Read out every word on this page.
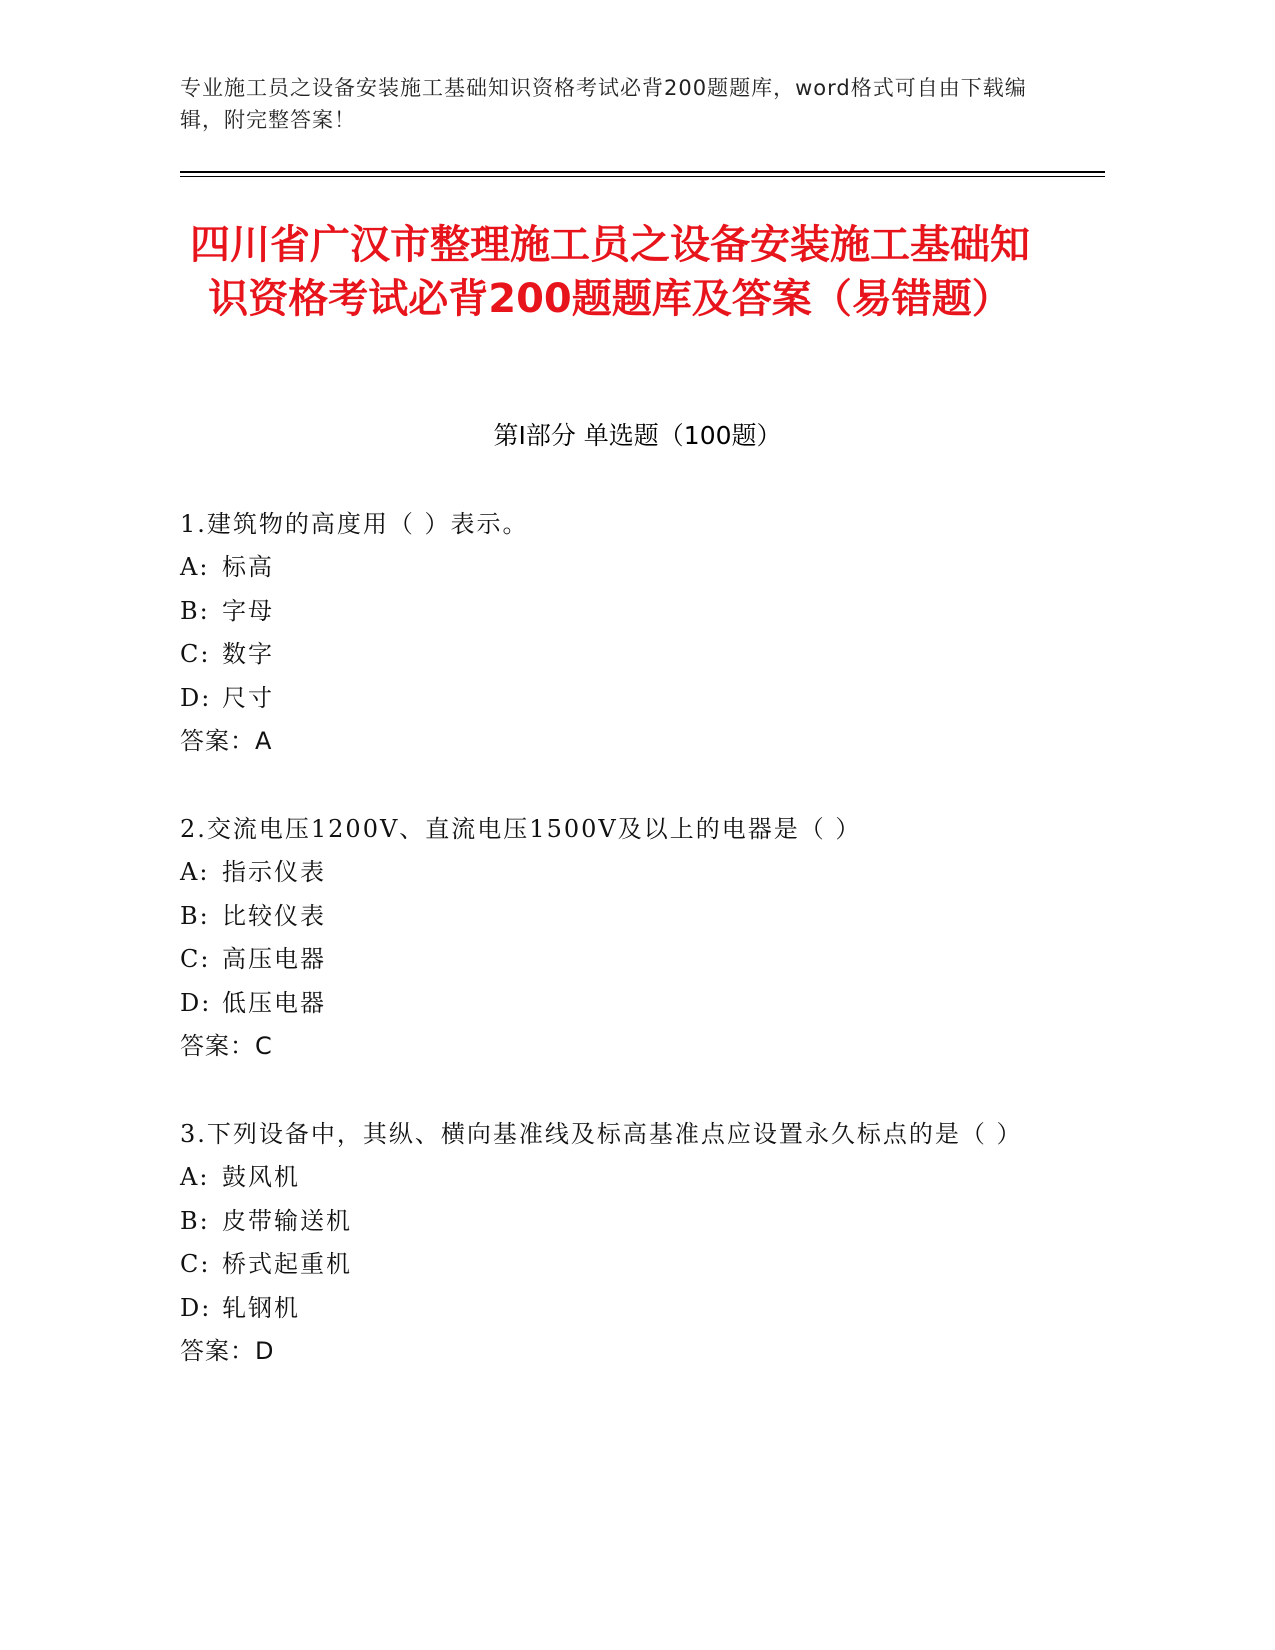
专业施工员之设备安装施工基础知识资格考试必背200题题库，word格式可自由下载编辑，附完整答案！
四川省广汉市整理施工员之设备安装施工基础知识资格考试必背200题题库及答案（易错题）
第I部分 单选题（100题）
1.建筑物的高度用（ ）表示。
A: 标高
B: 字母
C: 数字
D: 尺寸
答案：A
2.交流电压1200V、直流电压1500V及以上的电器是（ ）
A: 指示仪表
B: 比较仪表
C: 高压电器
D: 低压电器
答案：C
3.下列设备中，其纵、横向基准线及标高基准点应设置永久标点的是（ ）
A: 鼓风机
B: 皮带输送机
C: 桥式起重机
D: 轧钢机
答案：D
